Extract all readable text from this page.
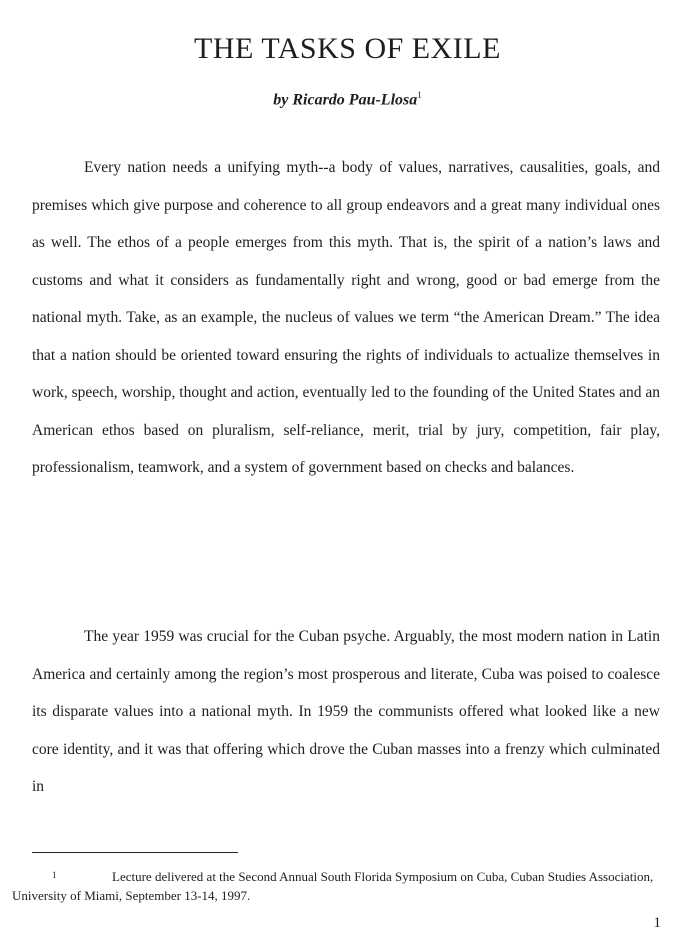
THE TASKS OF EXILE

by Ricardo Pau-Llosa$^1$

Every nation needs a unifying myth--a body of values, narratives, causalities, goals, and premises which give purpose and coherence to all group endeavors and a great many individual ones as well. The ethos of a people emerges from this myth. That is, the spirit of a nation’s laws and customs and what it considers as fundamentally right and wrong, good or bad emerge from the national myth. Take, as an example, the nucleus of values we term “the American Dream.” The idea that a nation should be oriented toward ensuring the rights of individuals to actualize themselves in work, speech, worship, thought and action, eventually led to the founding of the United States and an American ethos based on pluralism, self-reliance, merit, trial by jury, competition, fair play, professionalism, teamwork, and a system of government based on checks and balances.

The year 1959 was crucial for the Cuban psyche. Arguably, the most modern nation in Latin America and certainly among the region’s most prosperous and literate, Cuba was poised to coalesce its disparate values into a national myth. In 1959 the communists offered what looked like a new core identity, and it was that offering which drove the Cuban masses into a frenzy which culminated in

1	Lecture delivered at the Second Annual South Florida Symposium on Cuba, Cuban Studies Association, University of Miami, September 13-14, 1997.

1
